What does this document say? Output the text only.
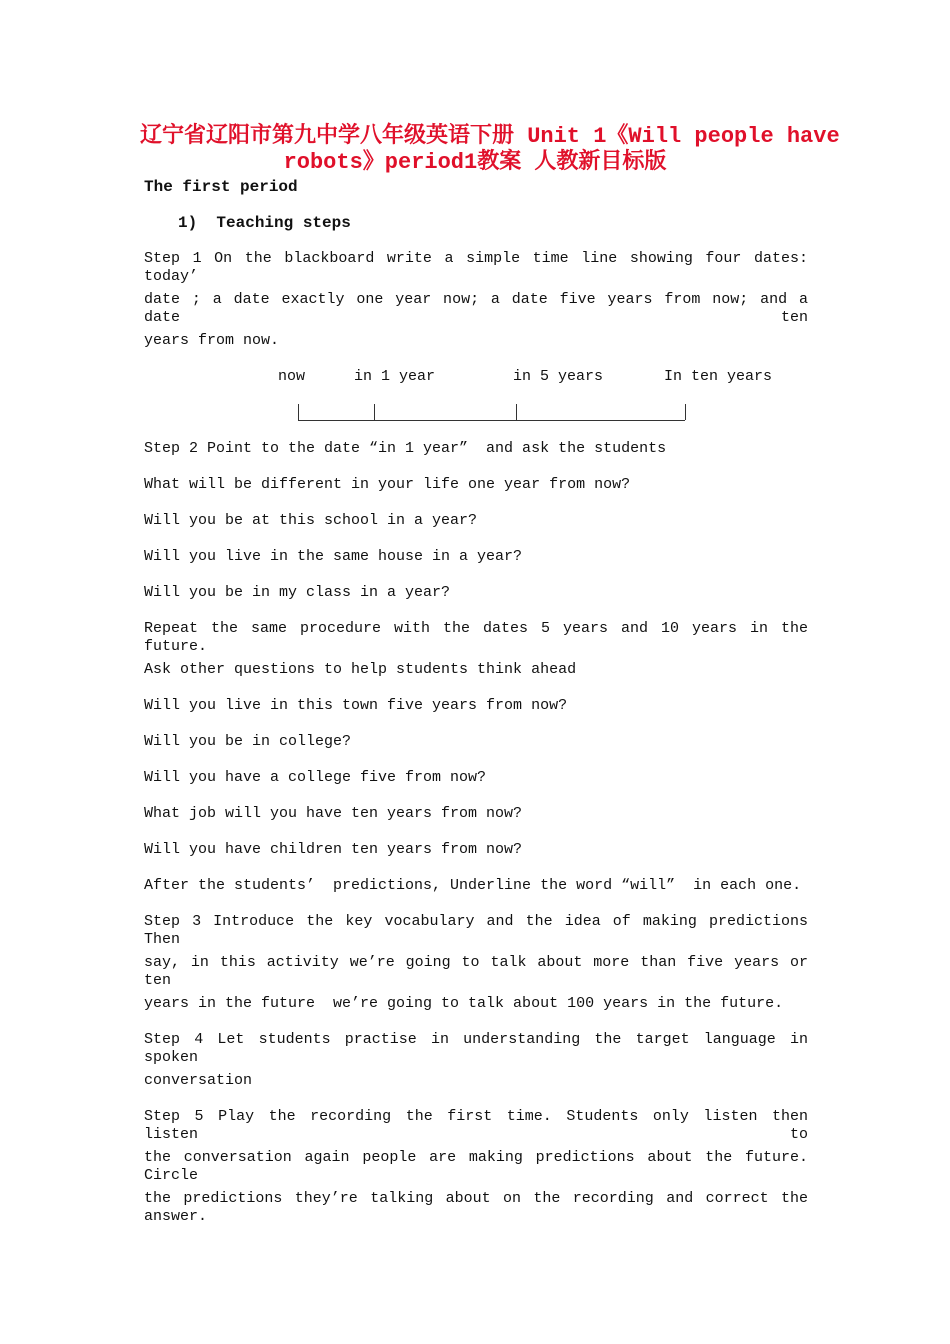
辽宁省辽阳市第九中学八年级英语下册 Unit 1《Will people have
robots》period1教案 人教新目标版
The first period
1)  Teaching steps
Step 1 On the blackboard write a simple time line showing four dates: today’
date ; a date exactly one year now; a date five years from now; and a date ten
years from now.
now	in 1 year	in 5 years	In ten years
Step 2 Point to the date “in 1 year”  and ask the students
What will be different in your life one year from now?
Will you be at this school in a year?
Will you live in the same house in a year?
Will you be in my class in a year?
Repeat the same procedure with the dates 5 years and 10 years in the future.
Ask other questions to help students think ahead
Will you live in this town five years from now?
Will you be in college?
Will you have a college five from now?
What job will you have ten years from now?
Will you have children ten years from now?
After the students’  predictions, Underline the word “will”  in each one.
Step 3 Introduce the key vocabulary and the idea of making predictions Then
say, in this activity we’re going to talk about more than five years or ten
years in the future  we’re going to talk about 100 years in the future.
Step 4 Let students practise in understanding the target language in spoken
conversation
Step 5 Play the recording the first time. Students only listen then listen to
the conversation again people are making predictions about the future. Circle
the predictions they’re talking about on the recording and correct the answer.
